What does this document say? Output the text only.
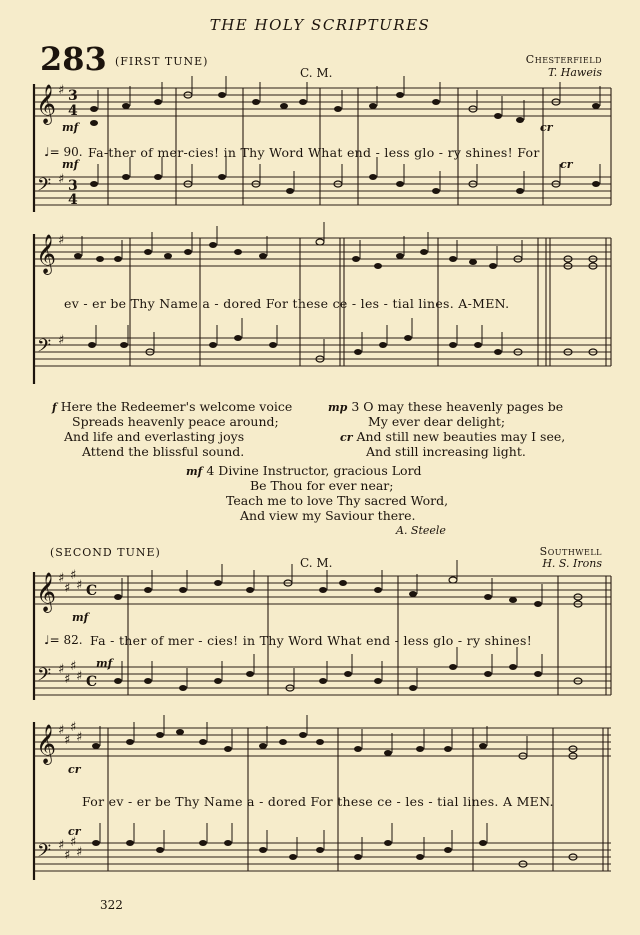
THE HOLY SCRIPTURES
283 (FIRST TUNE)
C. M.
Chesterfield
T. Haweis
𝄞
𝄢
♯
♯
3
4
3
4
mf	cr
♩= 90. Fa-ther of mer-cies! in Thy Word What end - less glo - ry shines! For
mf	cr
𝄞
𝄢
♯
♯
ev - er be Thy Name a - dored For these ce - les - tial lines. A-MEN.
f Here the Redeemer's welcome voice
Spreads heavenly peace around;
And life and everlasting joys
Attend the blissful sound.
mp 3 O may these heavenly pages be
My ever dear delight;
cr And still new beauties may I see,
And still increasing light.
mf 4 Divine Instructor, gracious Lord
Be Thou for ever near;
Teach me to love Thy sacred Word,
And view my Saviour there.
A. Steele
(SECOND TUNE)
C. M.
Southwell
H. S. Irons
𝄞
𝄢
♯
♯
♯
♯
♯
♯
♯
♯
C
C
mf
♩= 82. Fa - ther of mer - cies! in Thy Word What end - less glo - ry shines!
mf
𝄞
𝄢
♯
♯
♯
♯
♯
♯
♯
♯
cr
For ev - er be Thy Name a - dored For these ce - les - tial lines. A MEN.
cr
322
